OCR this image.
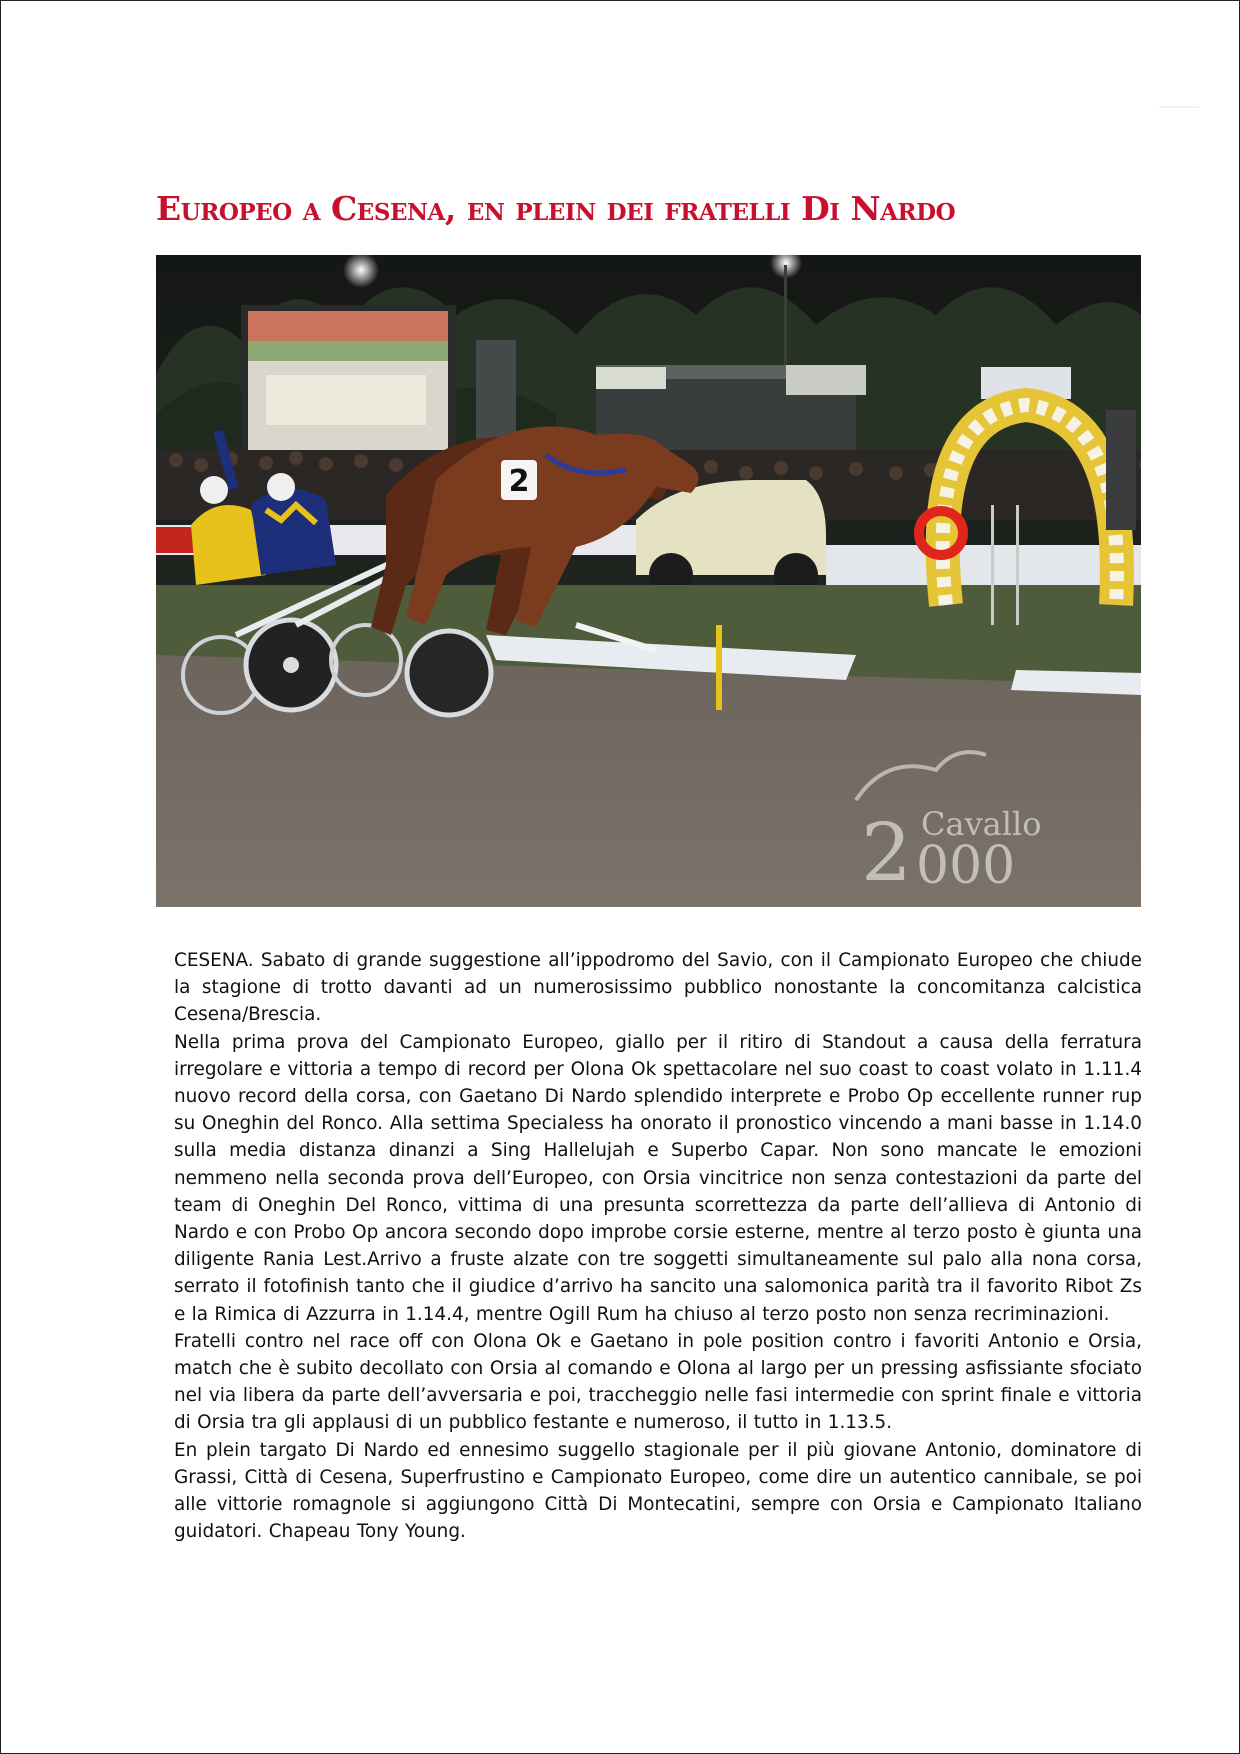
Europeo a Cesena, en plein dei fratelli Di Nardo
2
2 Cavallo
000

CESENA. Sabato di grande suggestione all’ippodromo del Savio, con il Campionato Europeo che chiude la stagione di trotto davanti ad un numerosissimo pubblico nonostante la concomitanza calcistica Cesena/Brescia.

Nella prima prova del Campionato Europeo, giallo per il ritiro di Standout a causa della ferratura irregolare e vittoria a tempo di record per Olona Ok spettacolare nel suo coast to coast volato in 1.11.4 nuovo record della corsa, con Gaetano Di Nardo splendido interprete e Probo Op eccellente runner rup su Oneghin del Ronco. Alla settima Specialess ha onorato il pronostico vincendo a mani basse in 1.14.0 sulla media distanza dinanzi a Sing Hallelujah e Superbo Capar. Non sono mancate le emozioni nemmeno nella seconda prova dell’Europeo, con Orsia vincitrice non senza contestazioni da parte del team di Oneghin Del Ronco, vittima di una presunta scorrettezza da parte dell’allieva di Antonio di Nardo e con Probo Op ancora secondo dopo improbe corsie esterne, mentre al terzo posto è giunta una diligente Rania Lest.Arrivo a fruste alzate con tre soggetti simultaneamente sul palo alla nona corsa, serrato il fotofinish tanto che il giudice d’arrivo ha sancito una salomonica parità tra il favorito Ribot Zs e la Rimica di Azzurra in 1.14.4, mentre Ogill Rum ha chiuso al terzo posto non senza recriminazioni.

Fratelli contro nel race off con Olona Ok e Gaetano in pole position contro i favoriti Antonio e Orsia, match che è subito decollato con Orsia al comando e Olona al largo per un pressing asfissiante sfociato nel via libera da parte dell’avversaria e poi, traccheggio nelle fasi intermedie con sprint finale e vittoria di Orsia tra gli applausi di un pubblico festante e numeroso, il tutto in 1.13.5.

En plein targato Di Nardo ed ennesimo suggello stagionale per il più giovane Antonio, dominatore di Grassi, Città di Cesena, Superfrustino e Campionato Europeo, come dire un autentico cannibale, se poi alle vittorie romagnole si aggiungono Città Di Montecatini, sempre con Orsia e Campionato Italiano guidatori. Chapeau Tony Young.
